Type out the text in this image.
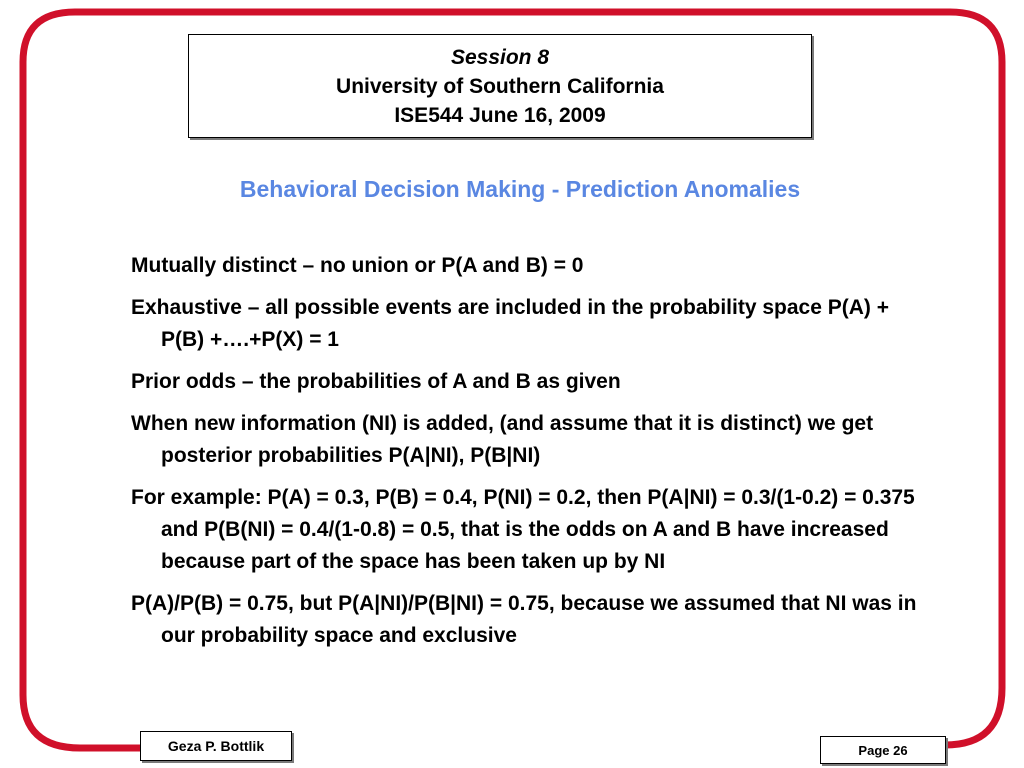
Session 8
University of Southern California
ISE544 June 16, 2009
Behavioral Decision Making - Prediction Anomalies

Mutually distinct – no union or P(A and B) = 0

Exhaustive – all possible events are included in the probability space P(A) + P(B) +….+P(X) = 1

Prior odds – the probabilities of A and B as given

When new information (NI) is added, (and assume that it is distinct) we get posterior probabilities P(A|NI), P(B|NI)

For example: P(A) = 0.3, P(B) = 0.4, P(NI) = 0.2, then P(A|NI) = 0.3/(1-0.2) = 0.375 and P(B(NI) = 0.4/(1-0.8) = 0.5, that is the odds on A and B have increased because part of the space has been taken up by NI

P(A)/P(B) = 0.75, but P(A|NI)/P(B|NI) = 0.75, because we assumed that NI was in our probability space and exclusive

Geza P. Bottlik	Page 26
